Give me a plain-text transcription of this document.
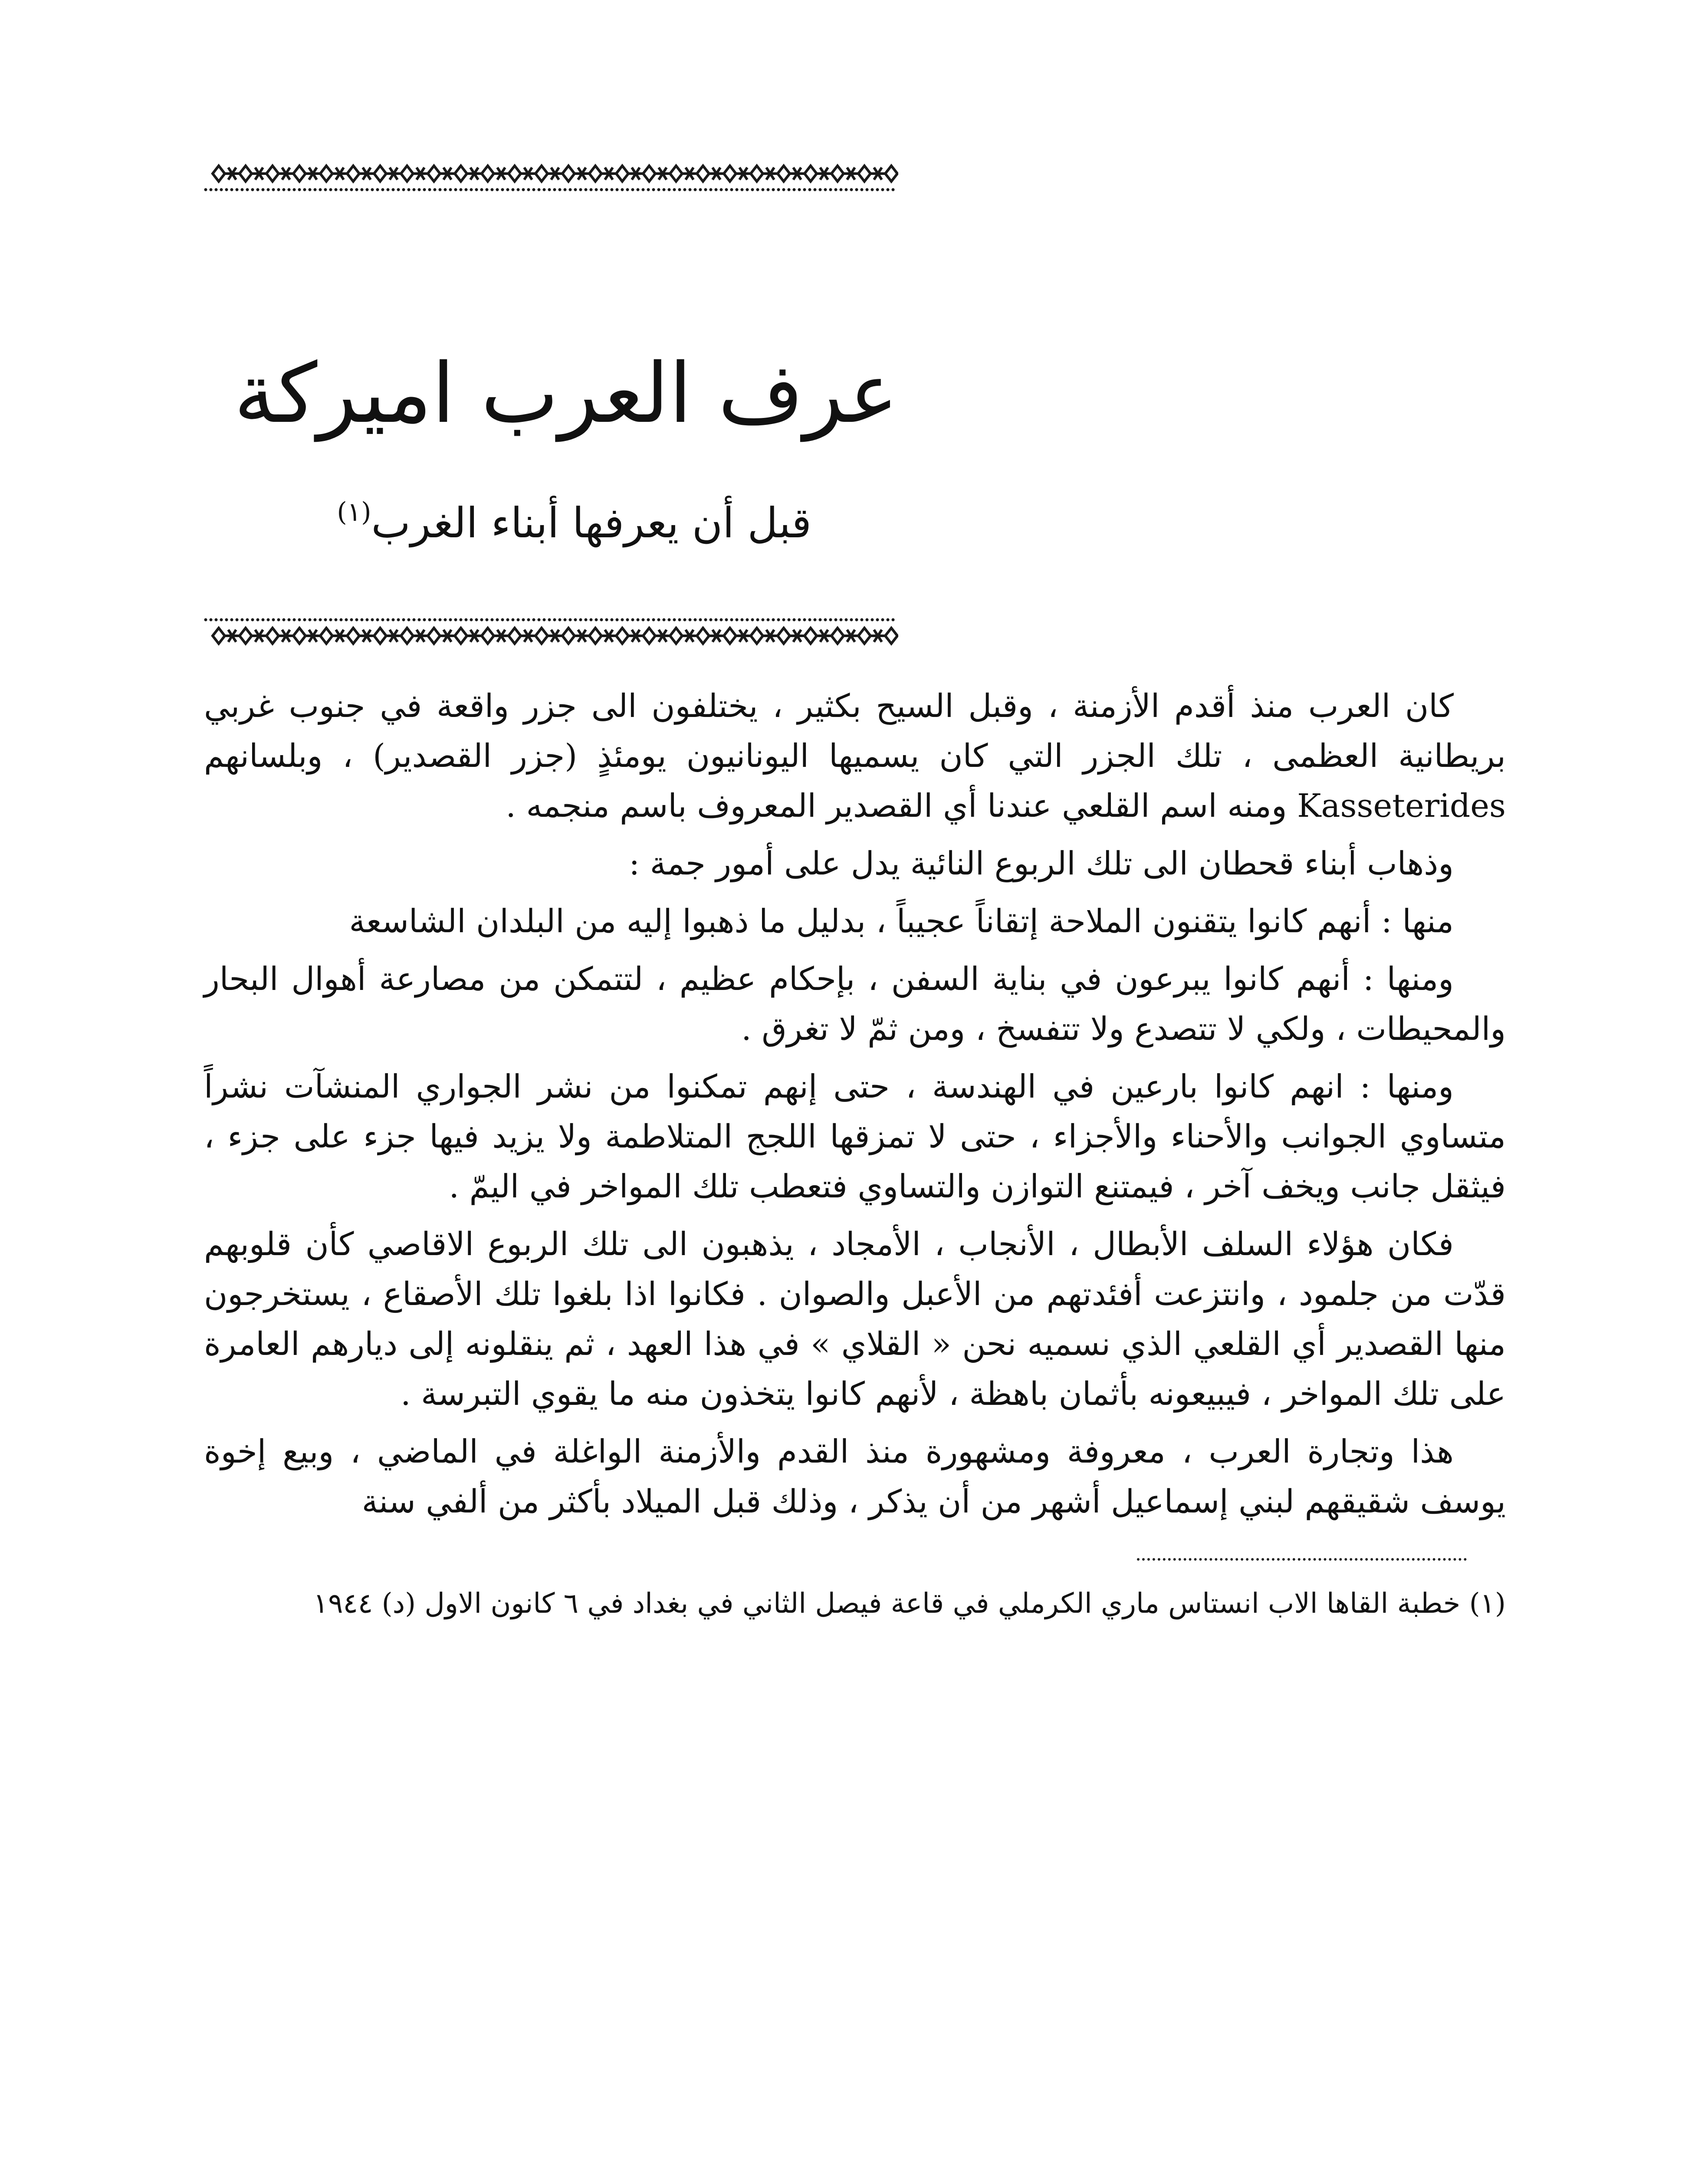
عرف العرب اميركة
قبل أن يعرفها أبناء الغرب$^{(١)}$

كان العرب منذ أقدم الأزمنة ، وقبل السيح بكثير ، يختلفون الى جزر واقعة في جنوب غربي بريطانية العظمى ، تلك الجزر التي كان يسميها اليونانيون يومئذٍ (جزر القصدير) ، وبلسانهم Kasseterides ومنه اسم القلعي عندنا أي القصدير المعروف باسم منجمه .

وذهاب أبناء قحطان الى تلك الربوع النائية يدل على أمور جمة :

منها : أنهم كانوا يتقنون الملاحة إتقاناً عجيباً ، بدليل ما ذهبوا إليه من البلدان الشاسعة

ومنها : أنهم كانوا يبرعون في بناية السفن ، بإحكام عظيم ، لتتمكن من مصارعة أهوال البحار والمحيطات ، ولكي لا تتصدع ولا تتفسخ ، ومن ثمّ لا تغرق .

ومنها : انهم كانوا بارعين في الهندسة ، حتى إنهم تمكنوا من نشر الجواري المنشآت نشراً متساوي الجوانب والأحناء والأجزاء ، حتى لا تمزقها اللجج المتلاطمة ولا يزيد فيها جزء على جزء ، فيثقل جانب ويخف آخر ، فيمتنع التوازن والتساوي فتعطب تلك المواخر في اليمّ .

فكان هؤلاء السلف الأبطال ، الأنجاب ، الأمجاد ، يذهبون الى تلك الربوع الاقاصي كأن قلوبهم قدّت من جلمود ، وانتزعت أفئدتهم من الأعبل والصوان . فكانوا اذا بلغوا تلك الأصقاع ، يستخرجون منها القصدير أي القلعي الذي نسميه نحن « القلاي » في هذا العهد ، ثم ينقلونه إلى ديارهم العامرة على تلك المواخر ، فيبيعونه بأثمان باهظة ، لأنهم كانوا يتخذون منه ما يقوي التبرسة .

هذا وتجارة العرب ، معروفة ومشهورة منذ القدم والأزمنة الواغلة في الماضي ، وبيع إخوة يوسف شقيقهم لبني إسماعيل أشهر من أن يذكر ، وذلك قبل الميلاد بأكثر من ألفي سنة

(١) خطبة القاها الاب انستاس ماري الكرملي في قاعة فيصل الثاني في بغداد في ٦ كانون الاول (د) ١٩٤٤
